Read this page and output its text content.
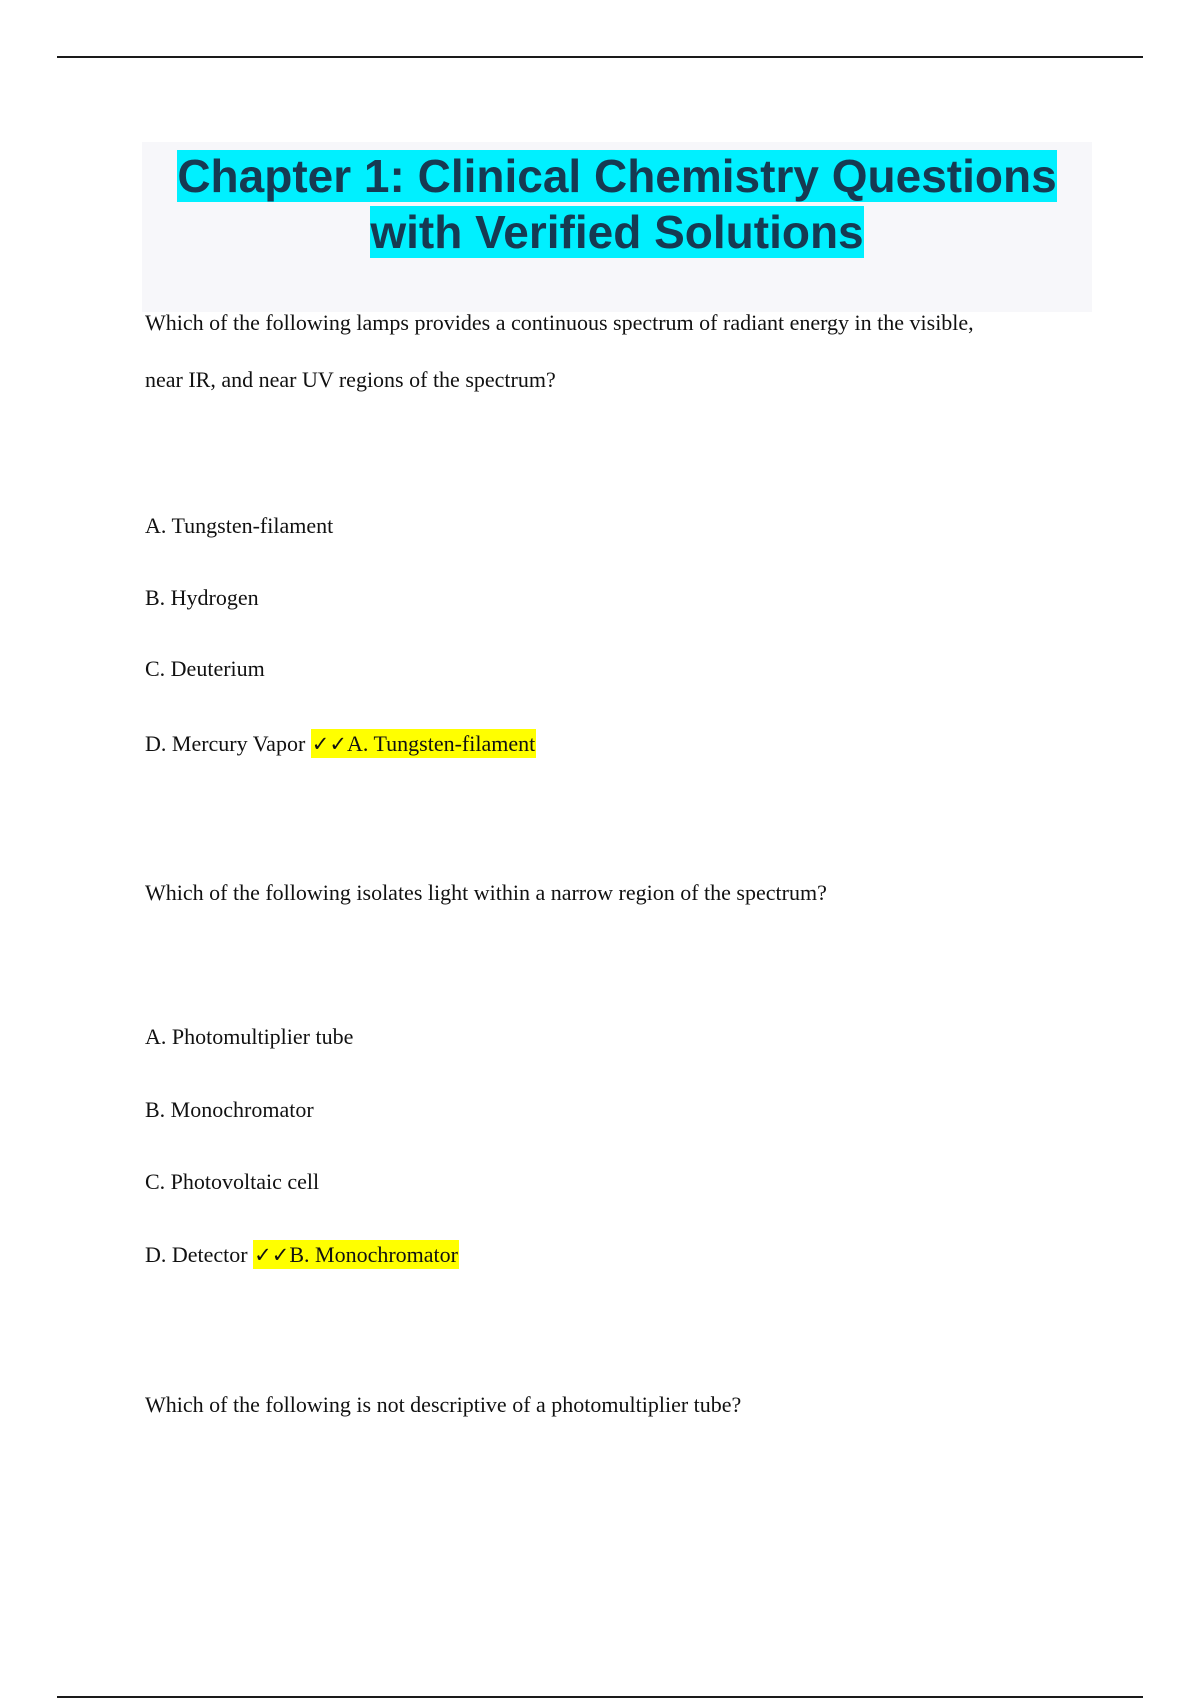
Chapter 1: Clinical Chemistry Questions
with Verified Solutions
Which of the following lamps provides a continuous spectrum of radiant energy in the visible,
near IR, and near UV regions of the spectrum?
A. Tungsten-filament
B. Hydrogen
C. Deuterium
D. Mercury Vapor ✓✓A. Tungsten-filament
Which of the following isolates light within a narrow region of the spectrum?
A. Photomultiplier tube
B. Monochromator
C. Photovoltaic cell
D. Detector ✓✓B. Monochromator
Which of the following is not descriptive of a photomultiplier tube?
